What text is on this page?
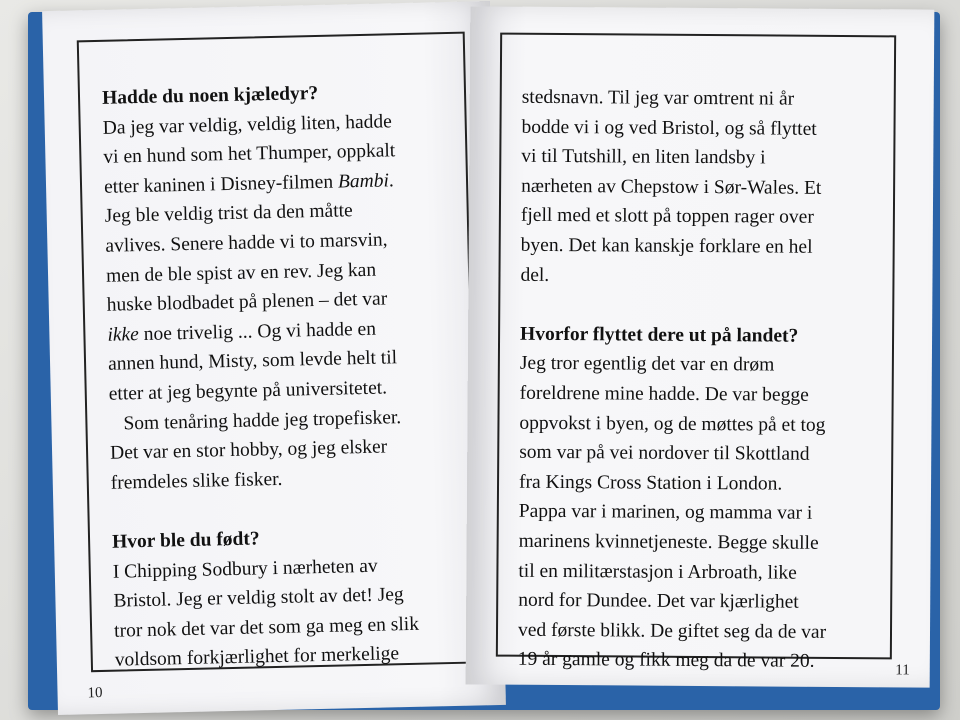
Hadde du noen kjæledyr?
Da jeg var veldig, veldig liten, hadde
vi en hund som het Thumper, oppkalt
etter kaninen i Disney-filmen Bambi.
Jeg ble veldig trist da den måtte
avlives. Senere hadde vi to marsvin,
men de ble spist av en rev. Jeg kan
huske blodbadet på plenen – det var
ikke noe trivelig ... Og vi hadde en
annen hund, Misty, som levde helt til
etter at jeg begynte på universitetet.
Som tenåring hadde jeg tropefisker.
Det var en stor hobby, og jeg elsker
fremdeles slike fisker.
Hvor ble du født?
I Chipping Sodbury i nærheten av
Bristol. Jeg er veldig stolt av det! Jeg
tror nok det var det som ga meg en slik
voldsom forkjærlighet for merkelige
10
stedsnavn. Til jeg var omtrent ni år
bodde vi i og ved Bristol, og så flyttet
vi til Tutshill, en liten landsby i
nærheten av Chepstow i Sør-Wales. Et
fjell med et slott på toppen rager over
byen. Det kan kanskje forklare en hel
del.
Hvorfor flyttet dere ut på landet?
Jeg tror egentlig det var en drøm
foreldrene mine hadde. De var begge
oppvokst i byen, og de møttes på et tog
som var på vei nordover til Skottland
fra Kings Cross Station i London.
Pappa var i marinen, og mamma var i
marinens kvinnetjeneste. Begge skulle
til en militærstasjon i Arbroath, like
nord for Dundee. Det var kjærlighet
ved første blikk. De giftet seg da de var
19 år gamle og fikk meg da de var 20.	11
